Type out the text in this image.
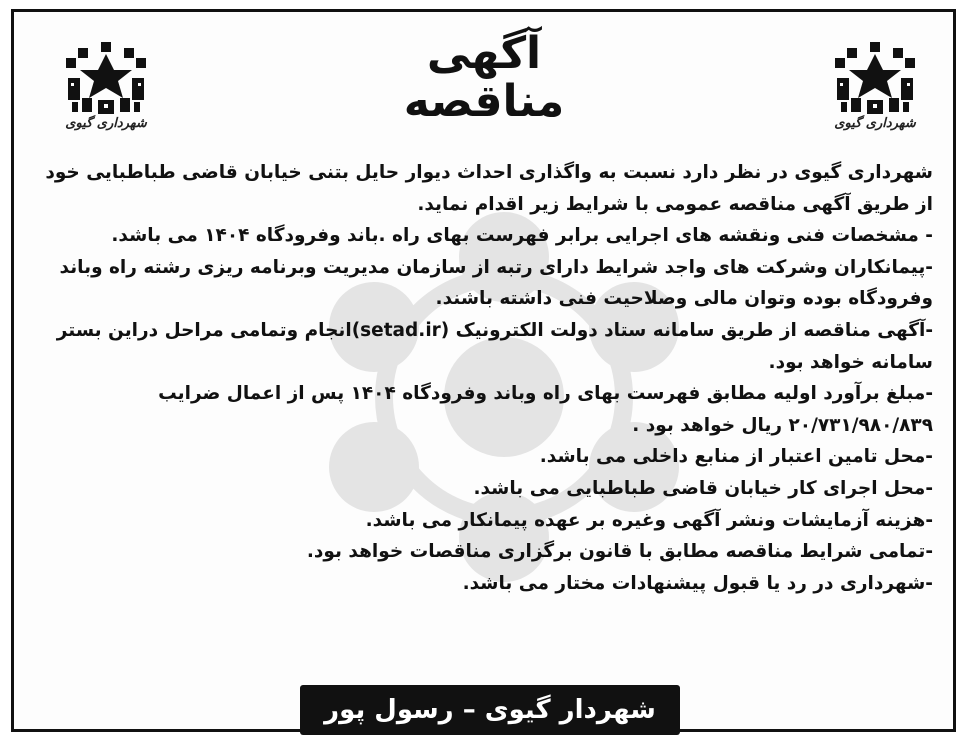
شهرداری گیوی
آگهی مناقصه	شهرداری گیوی

شهرداری گیوی در نظر دارد نسبت به واگذاری احداث دیوار حایل بتنی خیابان قاضی طباطبایی خود از طریق آگهی مناقصه عمومی با شرایط زیر اقدام نماید.

- مشخصات فنی ونقشه های اجرایی برابر فهرست بهای راه .باند وفرودگاه ۱۴۰۴ می باشد.

-پیمانکاران وشرکت های واجد شرایط دارای رتبه از سازمان مدیریت وبرنامه ریزی رشته راه وباند وفرودگاه بوده وتوان مالی وصلاحیت فنی داشته باشند.

-آگهی مناقصه از طریق سامانه ستاد دولت الکترونیک (setad.ir)انجام وتمامی مراحل دراین بستر سامانه خواهد بود.

-مبلغ برآورد اولیه مطابق فهرست بهای راه وباند وفرودگاه ۱۴۰۴ پس از اعمال ضرایب ۲۰/۷۳۱/۹۸۰/۸۳۹ ریال خواهد بود .

-محل تامین اعتبار از منابع داخلی می باشد.

-محل اجرای کار خیابان قاضی طباطبایی می باشد.

-هزینه آزمایشات ونشر آگهی وغیره بر عهده پیمانکار می باشد.

-تمامی شرایط مناقصه مطابق با قانون برگزاری مناقصات خواهد بود.

-شهرداری در رد یا قبول پیشنهادات مختار می باشد.

شهردار گیوی – رسول پور
